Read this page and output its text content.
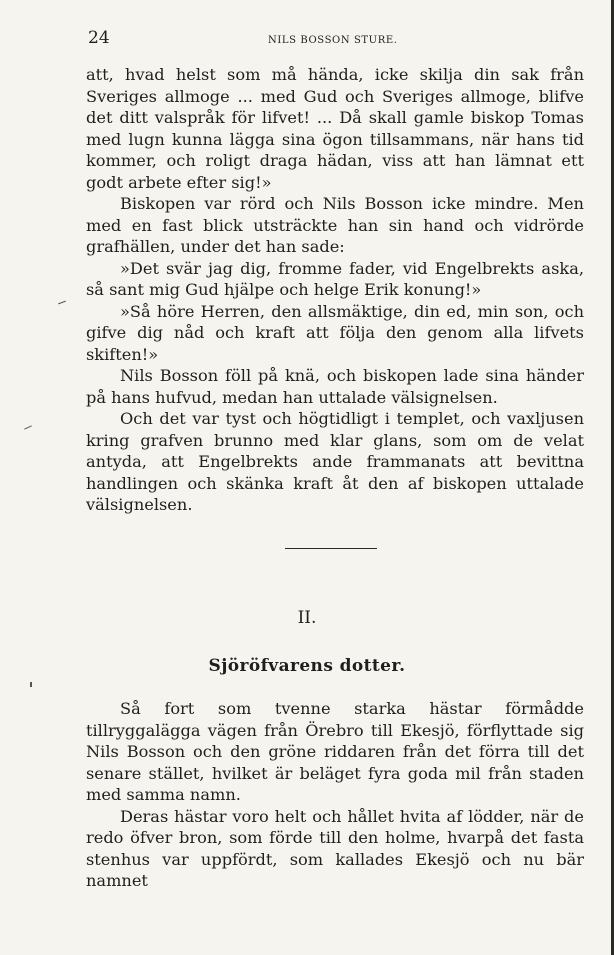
24	NILS BOSSON STURE.

att, hvad helst som må hända, icke skilja din sak från Sveriges allmoge ... med Gud och Sveriges allmoge, blifve det ditt valspråk för lifvet! ... Då skall gamle biskop Tomas med lugn kunna lägga sina ögon tillsammans, när hans tid kommer, och roligt draga hädan, viss att han lämnat ett godt arbete efter sig!»

Biskopen var rörd och Nils Bosson icke mindre. Men med en fast blick utsträckte han sin hand och vidrörde grafhällen, under det han sade:

»Det svär jag dig, fromme fader, vid Engelbrekts aska, så sant mig Gud hjälpe och helge Erik konung!»

»Så höre Herren, den allsmäktige, din ed, min son, och gifve dig nåd och kraft att följa den genom alla lifvets skiften!»

Nils Bosson föll på knä, och biskopen lade sina händer på hans hufvud, medan han uttalade välsignelsen.

Och det var tyst och högtidligt i templet, och vaxljusen kring grafven brunno med klar glans, som om de velat antyda, att Engelbrekts ande frammanats att bevittna handlingen och skänka kraft åt den af biskopen uttalade välsignelsen.

II.
Sjöröfvarens dotter.

Så fort som tvenne starka hästar förmådde tillryggalägga vägen från Örebro till Ekesjö, förflyttade sig Nils Bosson och den gröne riddaren från det förra till det senare stället, hvilket är beläget fyra goda mil från staden med samma namn.

Deras hästar voro helt och hållet hvita af lödder, när de redo öfver bron, som förde till den holme, hvarpå det fasta stenhus var uppfördt, som kallades Ekesjö och nu bär namnet
